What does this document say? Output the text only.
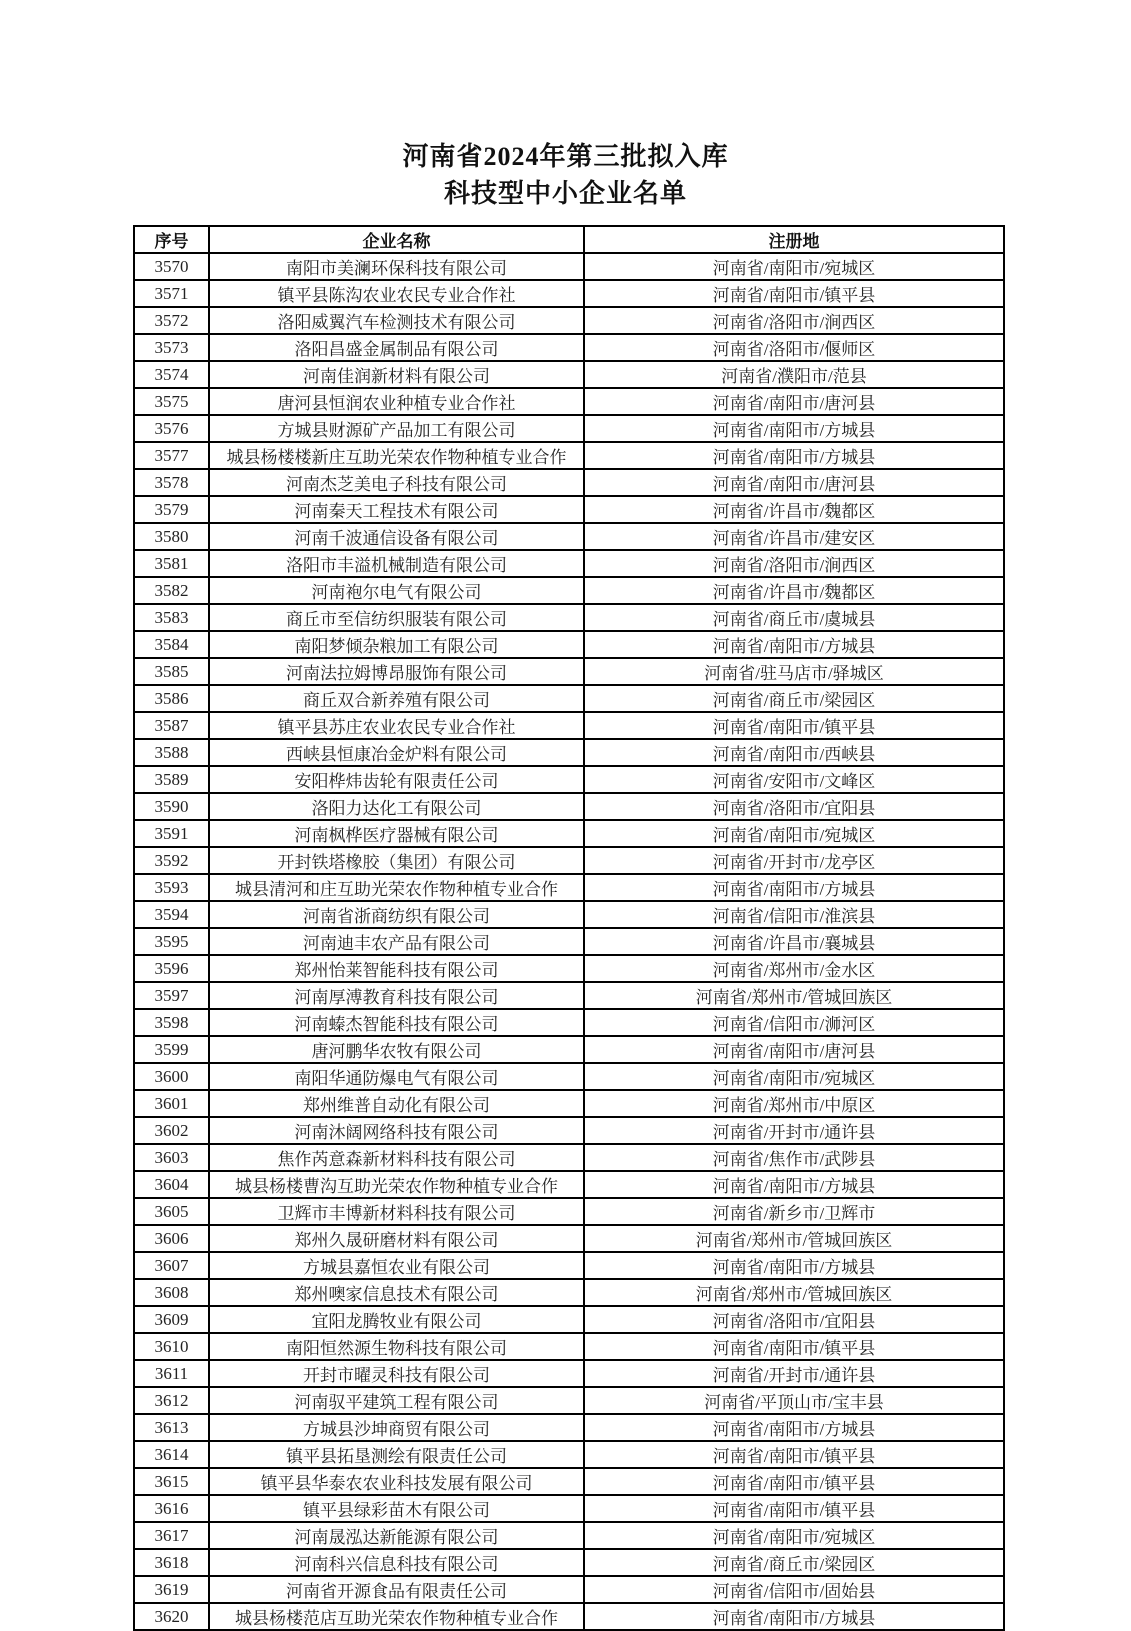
河南省2024年第三批拟入库
科技型中小企业名单
序号	企业名称	注册地

3570	南阳市美澜环保科技有限公司	河南省/南阳市/宛城区

3571	镇平县陈沟农业农民专业合作社	河南省/南阳市/镇平县

3572	洛阳威翼汽车检测技术有限公司	河南省/洛阳市/涧西区

3573	洛阳昌盛金属制品有限公司	河南省/洛阳市/偃师区

3574	河南佳润新材料有限公司	河南省/濮阳市/范县

3575	唐河县恒润农业种植专业合作社	河南省/南阳市/唐河县

3576	方城县财源矿产品加工有限公司	河南省/南阳市/方城县

3577	城县杨楼楼新庄互助光荣农作物种植专业合作	河南省/南阳市/方城县

3578	河南杰芝美电子科技有限公司	河南省/南阳市/唐河县

3579	河南秦天工程技术有限公司	河南省/许昌市/魏都区

3580	河南千波通信设备有限公司	河南省/许昌市/建安区

3581	洛阳市丰溢机械制造有限公司	河南省/洛阳市/涧西区

3582	河南袍尔电气有限公司	河南省/许昌市/魏都区

3583	商丘市至信纺织服装有限公司	河南省/商丘市/虞城县

3584	南阳梦倾杂粮加工有限公司	河南省/南阳市/方城县

3585	河南法拉姆博昂服饰有限公司	河南省/驻马店市/驿城区

3586	商丘双合新养殖有限公司	河南省/商丘市/梁园区

3587	镇平县苏庄农业农民专业合作社	河南省/南阳市/镇平县

3588	西峡县恒康冶金炉料有限公司	河南省/南阳市/西峡县

3589	安阳桦炜齿轮有限责任公司	河南省/安阳市/文峰区

3590	洛阳力达化工有限公司	河南省/洛阳市/宜阳县

3591	河南枫桦医疗器械有限公司	河南省/南阳市/宛城区

3592	开封铁塔橡胶（集团）有限公司	河南省/开封市/龙亭区

3593	城县清河和庄互助光荣农作物种植专业合作	河南省/南阳市/方城县

3594	河南省浙商纺织有限公司	河南省/信阳市/淮滨县

3595	河南迪丰农产品有限公司	河南省/许昌市/襄城县

3596	郑州怡莱智能科技有限公司	河南省/郑州市/金水区

3597	河南厚溥教育科技有限公司	河南省/郑州市/管城回族区

3598	河南螓杰智能科技有限公司	河南省/信阳市/浉河区

3599	唐河鹏华农牧有限公司	河南省/南阳市/唐河县

3600	南阳华通防爆电气有限公司	河南省/南阳市/宛城区

3601	郑州维普自动化有限公司	河南省/郑州市/中原区

3602	河南沐阔网络科技有限公司	河南省/开封市/通许县

3603	焦作芮意森新材料科技有限公司	河南省/焦作市/武陟县

3604	城县杨楼曹沟互助光荣农作物种植专业合作	河南省/南阳市/方城县

3605	卫辉市丰博新材料科技有限公司	河南省/新乡市/卫辉市

3606	郑州久晟研磨材料有限公司	河南省/郑州市/管城回族区

3607	方城县嘉恒农业有限公司	河南省/南阳市/方城县

3608	郑州噢家信息技术有限公司	河南省/郑州市/管城回族区

3609	宜阳龙腾牧业有限公司	河南省/洛阳市/宜阳县

3610	南阳恒然源生物科技有限公司	河南省/南阳市/镇平县

3611	开封市曜灵科技有限公司	河南省/开封市/通许县

3612	河南驭平建筑工程有限公司	河南省/平顶山市/宝丰县

3613	方城县沙坤商贸有限公司	河南省/南阳市/方城县

3614	镇平县拓垦测绘有限责任公司	河南省/南阳市/镇平县

3615	镇平县华泰农农业科技发展有限公司	河南省/南阳市/镇平县

3616	镇平县绿彩苗木有限公司	河南省/南阳市/镇平县

3617	河南晟泓达新能源有限公司	河南省/南阳市/宛城区

3618	河南科兴信息科技有限公司	河南省/商丘市/梁园区

3619	河南省开源食品有限责任公司	河南省/信阳市/固始县

3620	城县杨楼范店互助光荣农作物种植专业合作	河南省/南阳市/方城县
